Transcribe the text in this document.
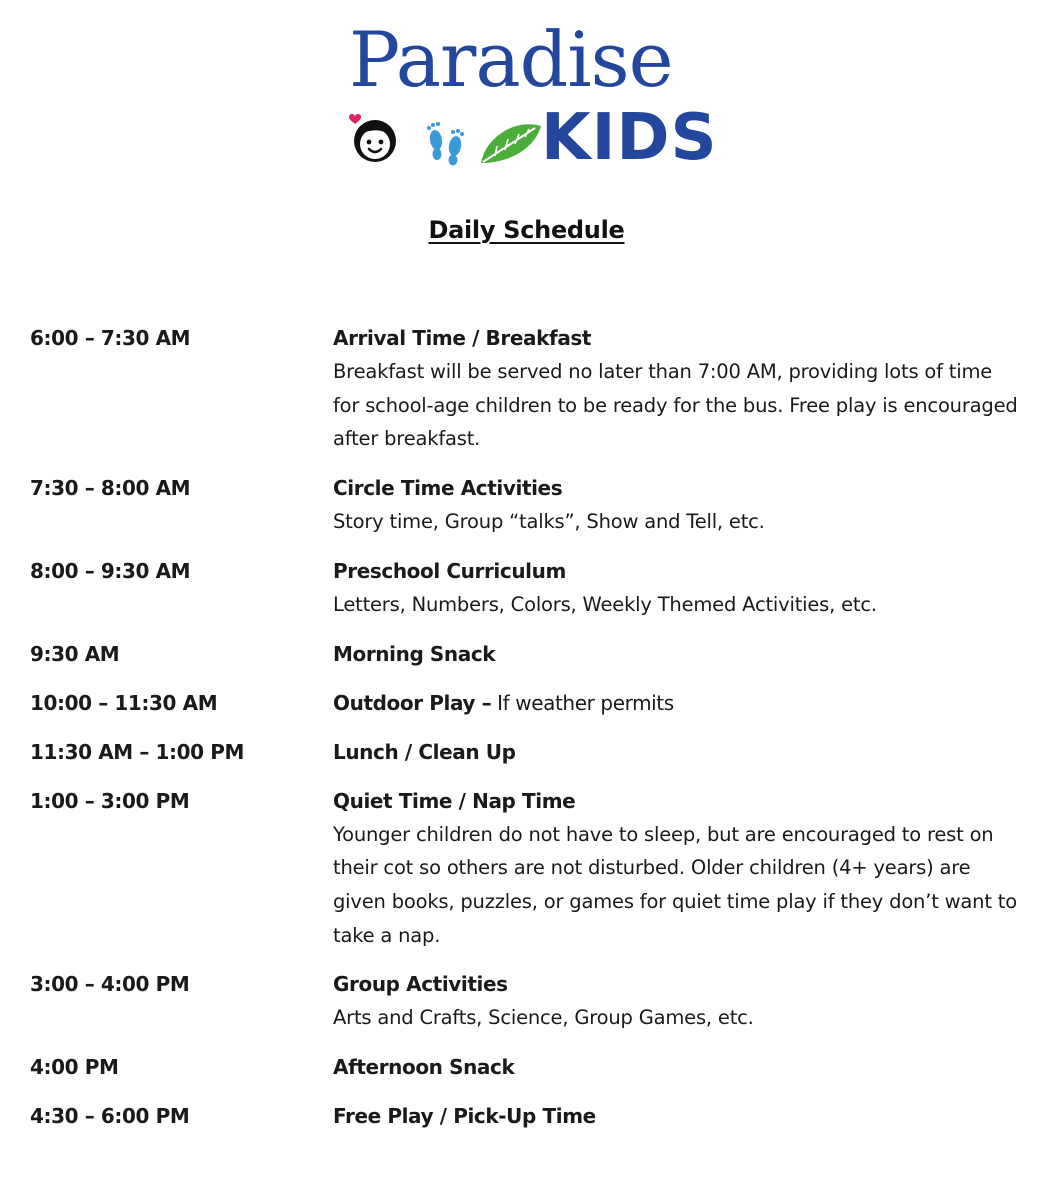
Paradise
KIDS
Daily Schedule
6:00 – 7:30 AM	Arrival Time / Breakfast
Breakfast will be served no later than 7:00 AM, providing lots of time for school-age children to be ready for the bus. Free play is encouraged after breakfast.
7:30 – 8:00 AM	Circle Time Activities
Story time, Group “talks”, Show and Tell, etc.
8:00 – 9:30 AM	Preschool Curriculum
Letters, Numbers, Colors, Weekly Themed Activities, etc.
9:30 AM	Morning Snack
10:00 – 11:30 AM	Outdoor Play – If weather permits
11:30 AM – 1:00 PM	Lunch / Clean Up
1:00 – 3:00 PM	Quiet Time / Nap Time
Younger children do not have to sleep, but are encouraged to rest on their cot so others are not disturbed. Older children (4+ years) are given books, puzzles, or games for quiet time play if they don’t want to take a nap.
3:00 – 4:00 PM	Group Activities
Arts and Crafts, Science, Group Games, etc.
4:00 PM	Afternoon Snack
4:30 – 6:00 PM	Free Play / Pick-Up Time
